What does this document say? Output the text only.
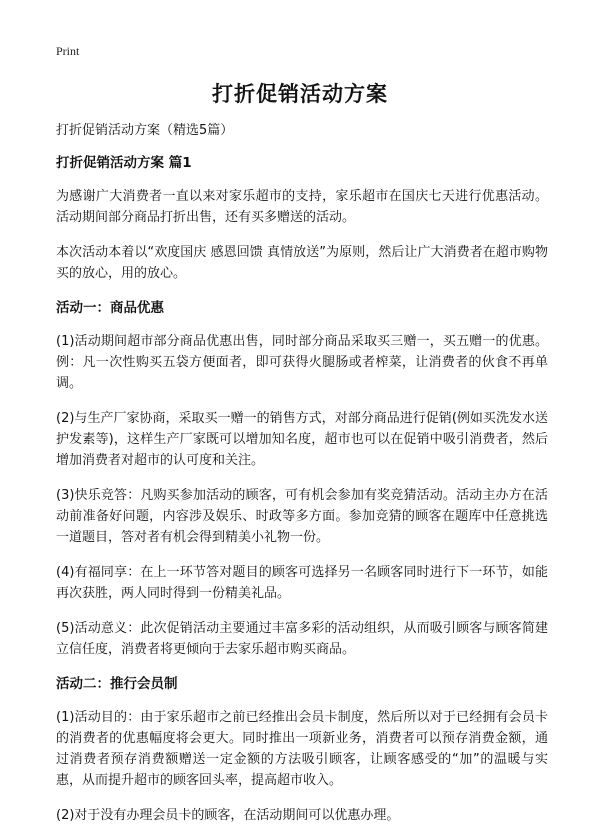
Print
打折促销活动方案

打折促销活动方案（精选5篇）

打折促销活动方案 篇1

为感谢广大消费者一直以来对家乐超市的支持，家乐超市在国庆七天进行优惠活动。活动期间部分商品打折出售，还有买多赠送的活动。

本次活动本着以“欢度国庆 感恩回馈 真情放送”为原则，然后让广大消费者在超市购物买的放心，用的放心。

活动一：商品优惠

(1)活动期间超市部分商品优惠出售，同时部分商品采取买三赠一，买五赠一的优惠。例：凡一次性购买五袋方便面者，即可获得火腿肠或者榨菜，让消费者的伙食不再单调。

(2)与生产厂家协商，采取买一赠一的销售方式，对部分商品进行促销(例如买洗发水送护发素等)，这样生产厂家既可以增加知名度，超市也可以在促销中吸引消费者，然后增加消费者对超市的认可度和关注。

(3)快乐竞答：凡购买参加活动的顾客，可有机会参加有奖竞猜活动。活动主办方在活动前准备好问题，内容涉及娱乐、时政等多方面。参加竞猜的顾客在题库中任意挑选一道题目，答对者有机会得到精美小礼物一份。

(4)有福同享：在上一环节答对题目的顾客可选择另一名顾客同时进行下一环节，如能再次获胜，两人同时得到一份精美礼品。

(5)活动意义：此次促销活动主要通过丰富多彩的活动组织，从而吸引顾客与顾客简建立信任度，消费者将更倾向于去家乐超市购买商品。

活动二：推行会员制

(1)活动目的：由于家乐超市之前已经推出会员卡制度，然后所以对于已经拥有会员卡的消费者的优惠幅度将会更大。同时推出一项新业务，消费者可以预存消费金额，通过消费者预存消费额赠送一定金额的方法吸引顾客，让顾客感受的“加”的温暖与实惠，从而提升超市的顾客回头率，提高超市收入。

(2)对于没有办理会员卡的顾客，在活动期间可以优惠办理。
